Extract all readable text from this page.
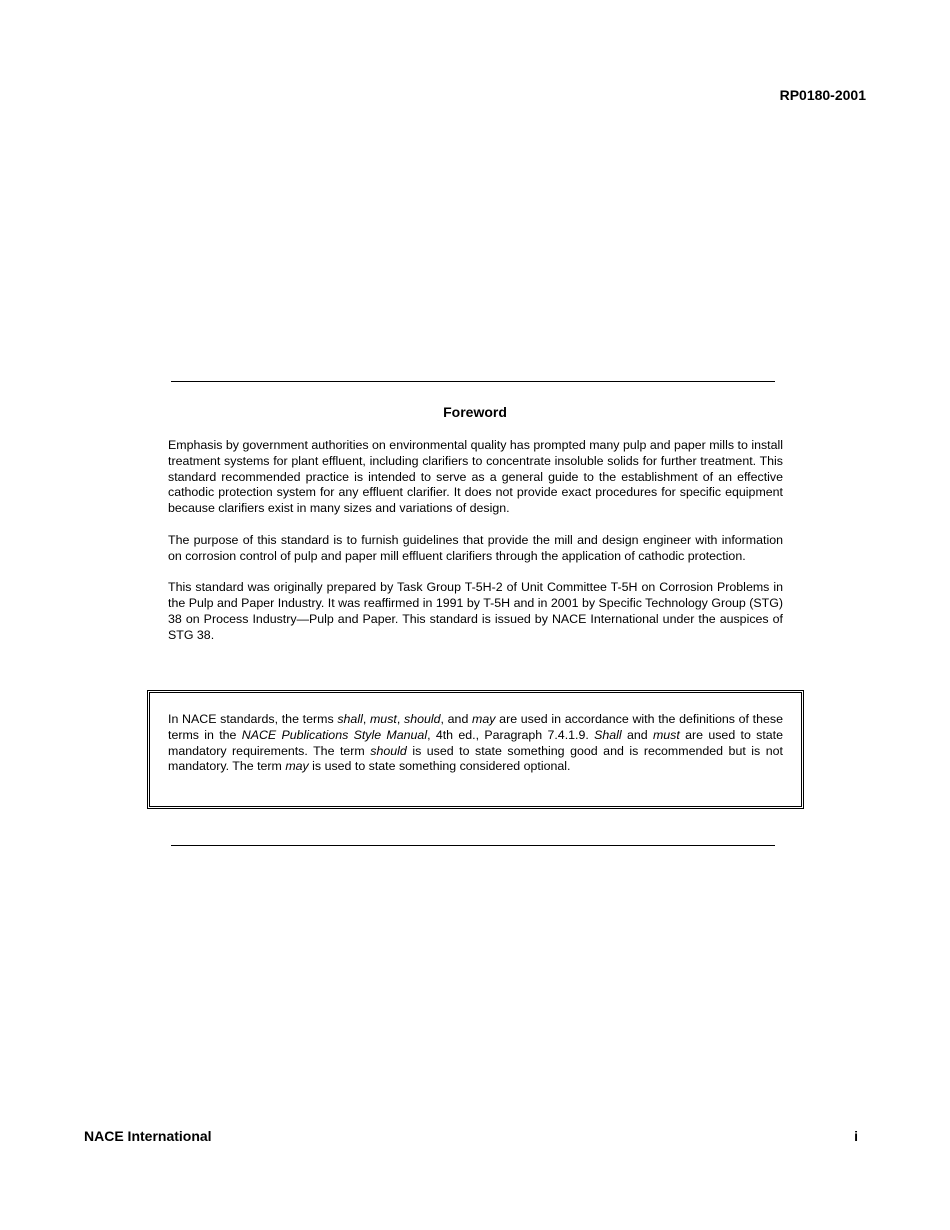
RP0180-2001
Foreword

Emphasis by government authorities on environmental quality has prompted many pulp and paper mills to install treatment systems for plant effluent, including clarifiers to concentrate insoluble solids for further treatment. This standard recommended practice is intended to serve as a general guide to the establishment of an effective cathodic protection system for any effluent clarifier. It does not provide exact procedures for specific equipment because clarifiers exist in many sizes and variations of design.

The purpose of this standard is to furnish guidelines that provide the mill and design engineer with information on corrosion control of pulp and paper mill effluent clarifiers through the application of cathodic protection.

This standard was originally prepared by Task Group T-5H-2 of Unit Committee T-5H on Corrosion Problems in the Pulp and Paper Industry. It was reaffirmed in 1991 by T-5H and in 2001 by Specific Technology Group (STG) 38 on Process Industry—Pulp and Paper. This standard is issued by NACE International under the auspices of STG 38.

In NACE standards, the terms shall, must, should, and may are used in accordance with the definitions of these terms in the NACE Publications Style Manual, 4th ed., Paragraph 7.4.1.9. Shall and must are used to state mandatory requirements. The term should is used to state something good and is recommended but is not mandatory. The term may is used to state something considered optional.
NACE International	i
